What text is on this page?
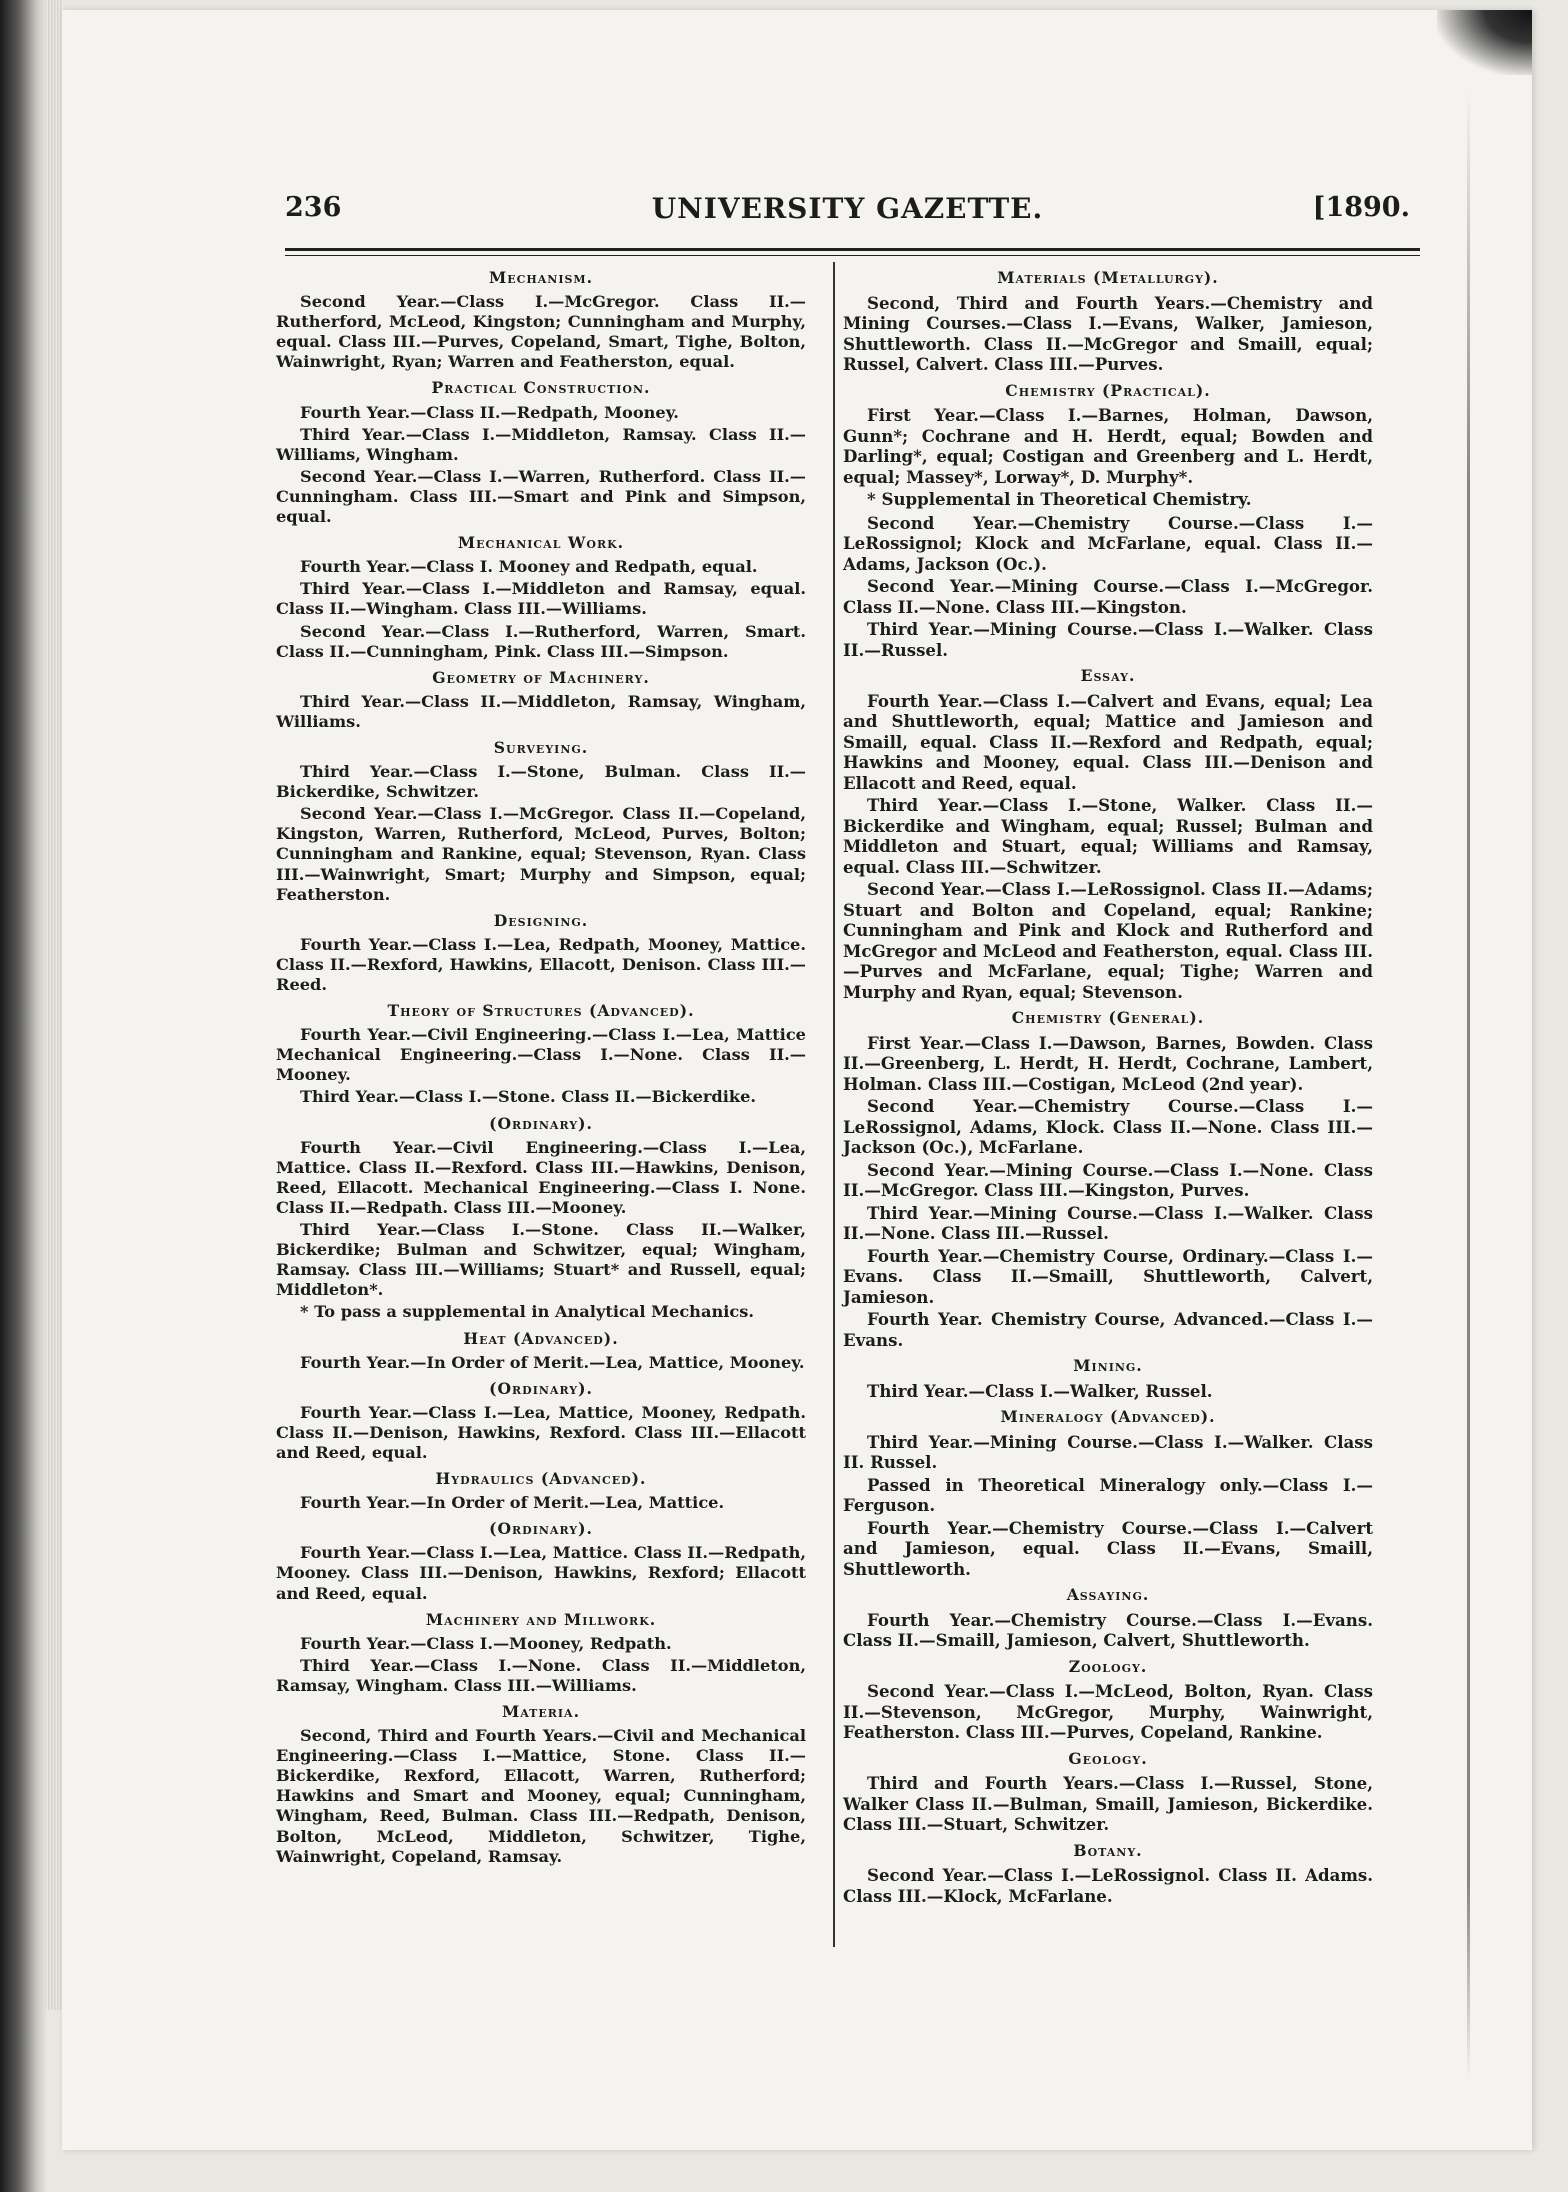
UNIVERSITY GAZETTE.
236	[1890.
Mechanism.

Second Year.—Class I.—McGregor. Class II.—Rutherford, McLeod, Kingston; Cunningham and Murphy, equal. Class III.—Purves, Copeland, Smart, Tighe, Bolton, Wainwright, Ryan; Warren and Featherston, equal.

Practical Construction.

Fourth Year.—Class II.—Redpath, Mooney.

Third Year.—Class I.—Middleton, Ramsay. Class II.—Williams, Wingham.

Second Year.—Class I.—Warren, Rutherford. Class II.—Cunningham. Class III.—Smart and Pink and Simpson, equal.

Mechanical Work.

Fourth Year.—Class I. Mooney and Redpath, equal.

Third Year.—Class I.—Middleton and Ramsay, equal. Class II.—Wingham. Class III.—Williams.

Second Year.—Class I.—Rutherford, Warren, Smart. Class II.—Cunningham, Pink. Class III.—Simpson.

Geometry of Machinery.

Third Year.—Class II.—Middleton, Ramsay, Wingham, Williams.

Surveying.

Third Year.—Class I.—Stone, Bulman. Class II.—Bickerdike, Schwitzer.

Second Year.—Class I.—McGregor. Class II.—Copeland, Kingston, Warren, Rutherford, McLeod, Purves, Bolton; Cunningham and Rankine, equal; Stevenson, Ryan. Class III.—Wainwright, Smart; Murphy and Simpson, equal; Featherston.

Designing.

Fourth Year.—Class I.—Lea, Redpath, Mooney, Mattice. Class II.—Rexford, Hawkins, Ellacott, Denison. Class III.—Reed.

Theory of Structures (Advanced).

Fourth Year.—Civil Engineering.—Class I.—Lea, Mattice Mechanical Engineering.—Class I.—None. Class II.—Mooney.

Third Year.—Class I.—Stone. Class II.—Bickerdike.

(Ordinary).

Fourth Year.—Civil Engineering.—Class I.—Lea, Mattice. Class II.—Rexford. Class III.—Hawkins, Denison, Reed, Ellacott. Mechanical Engineering.—Class I. None. Class II.—Redpath. Class III.—Mooney.

Third Year.—Class I.—Stone. Class II.—Walker, Bickerdike; Bulman and Schwitzer, equal; Wingham, Ramsay. Class III.—Williams; Stuart* and Russell, equal; Middleton*.

* To pass a supplemental in Analytical Mechanics.

Heat (Advanced).

Fourth Year.—In Order of Merit.—Lea, Mattice, Mooney.

(Ordinary).

Fourth Year.—Class I.—Lea, Mattice, Mooney, Redpath. Class II.—Denison, Hawkins, Rexford. Class III.—Ellacott and Reed, equal.

Hydraulics (Advanced).

Fourth Year.—In Order of Merit.—Lea, Mattice.

(Ordinary).

Fourth Year.—Class I.—Lea, Mattice. Class II.—Redpath, Mooney. Class III.—Denison, Hawkins, Rexford; Ellacott and Reed, equal.

Machinery and Millwork.

Fourth Year.—Class I.—Mooney, Redpath.

Third Year.—Class I.—None. Class II.—Middleton, Ramsay, Wingham. Class III.—Williams.

Materia.

Second, Third and Fourth Years.—Civil and Mechanical Engineering.—Class I.—Mattice, Stone. Class II.—Bickerdike, Rexford, Ellacott, Warren, Rutherford; Hawkins and Smart and Mooney, equal; Cunningham, Wingham, Reed, Bulman. Class III.—Redpath, Denison, Bolton, McLeod, Middleton, Schwitzer, Tighe, Wainwright, Copeland, Ramsay.

Materials (Metallurgy).

Second, Third and Fourth Years.—Chemistry and Mining Courses.—Class I.—Evans, Walker, Jamieson, Shuttleworth. Class II.—McGregor and Smaill, equal; Russel, Calvert. Class III.—Purves.

Chemistry (Practical).

First Year.—Class I.—Barnes, Holman, Dawson, Gunn*; Cochrane and H. Herdt, equal; Bowden and Darling*, equal; Costigan and Greenberg and L. Herdt, equal; Massey*, Lorway*, D. Murphy*.

* Supplemental in Theoretical Chemistry.

Second Year.—Chemistry Course.—Class I.—LeRossignol; Klock and McFarlane, equal. Class II.—Adams, Jackson (Oc.).

Second Year.—Mining Course.—Class I.—McGregor. Class II.—None. Class III.—Kingston.

Third Year.—Mining Course.—Class I.—Walker. Class II.—Russel.

Essay.

Fourth Year.—Class I.—Calvert and Evans, equal; Lea and Shuttleworth, equal; Mattice and Jamieson and Smaill, equal. Class II.—Rexford and Redpath, equal; Hawkins and Mooney, equal. Class III.—Denison and Ellacott and Reed, equal.

Third Year.—Class I.—Stone, Walker. Class II.—Bickerdike and Wingham, equal; Russel; Bulman and Middleton and Stuart, equal; Williams and Ramsay, equal. Class III.—Schwitzer.

Second Year.—Class I.—LeRossignol. Class II.—Adams; Stuart and Bolton and Copeland, equal; Rankine; Cunningham and Pink and Klock and Rutherford and McGregor and McLeod and Featherston, equal. Class III.—Purves and McFarlane, equal; Tighe; Warren and Murphy and Ryan, equal; Stevenson.

Chemistry (General).

First Year.—Class I.—Dawson, Barnes, Bowden. Class II.—Greenberg, L. Herdt, H. Herdt, Cochrane, Lambert, Holman. Class III.—Costigan, McLeod (2nd year).

Second Year.—Chemistry Course.—Class I.—LeRossignol, Adams, Klock. Class II.—None. Class III.—Jackson (Oc.), McFarlane.

Second Year.—Mining Course.—Class I.—None. Class II.—McGregor. Class III.—Kingston, Purves.

Third Year.—Mining Course.—Class I.—Walker. Class II.—None. Class III.—Russel.

Fourth Year.—Chemistry Course, Ordinary.—Class I.—Evans. Class II.—Smaill, Shuttleworth, Calvert, Jamieson.

Fourth Year. Chemistry Course, Advanced.—Class I.—Evans.

Mining.

Third Year.—Class I.—Walker, Russel.

Mineralogy (Advanced).

Third Year.—Mining Course.—Class I.—Walker. Class II. Russel.

Passed in Theoretical Mineralogy only.—Class I.—Ferguson.

Fourth Year.—Chemistry Course.—Class I.—Calvert and Jamieson, equal. Class II.—Evans, Smaill, Shuttleworth.

Assaying.

Fourth Year.—Chemistry Course.—Class I.—Evans. Class II.—Smaill, Jamieson, Calvert, Shuttleworth.

Zoology.

Second Year.—Class I.—McLeod, Bolton, Ryan. Class II.—Stevenson, McGregor, Murphy, Wainwright, Featherston. Class III.—Purves, Copeland, Rankine.

Geology.

Third and Fourth Years.—Class I.—Russel, Stone, Walker Class II.—Bulman, Smaill, Jamieson, Bickerdike. Class III.—Stuart, Schwitzer.

Botany.

Second Year.—Class I.—LeRossignol. Class II. Adams. Class III.—Klock, McFarlane.
